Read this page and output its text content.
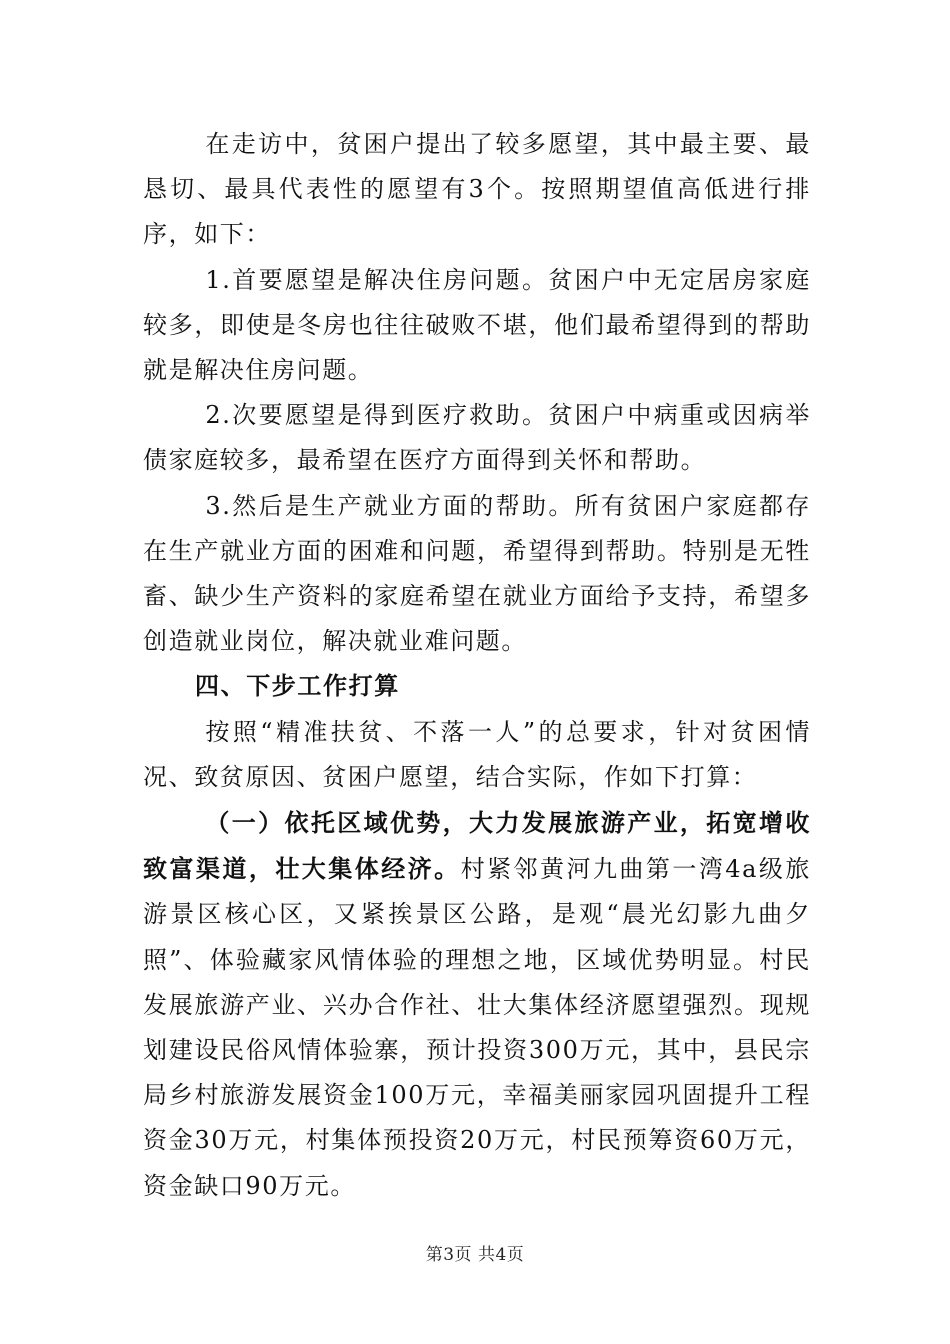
在走访中，贫困户提出了较多愿望，其中最主要、最恳切、最具代表性的愿望有3个。按照期望值高低进行排序，如下：

1.首要愿望是解决住房问题。贫困户中无定居房家庭较多，即使是冬房也往往破败不堪，他们最希望得到的帮助就是解决住房问题。

2.次要愿望是得到医疗救助。贫困户中病重或因病举债家庭较多，最希望在医疗方面得到关怀和帮助。

3.然后是生产就业方面的帮助。所有贫困户家庭都存在生产就业方面的困难和问题，希望得到帮助。特别是无牲畜、缺少生产资料的家庭希望在就业方面给予支持，希望多创造就业岗位，解决就业难问题。

四、下步工作打算

按照“精准扶贫、不落一人”的总要求，针对贫困情况、致贫原因、贫困户愿望，结合实际，作如下打算：

（一）依托区域优势，大力发展旅游产业，拓宽增收致富渠道，壮大集体经济。村紧邻黄河九曲第一湾4a级旅游景区核心区，又紧挨景区公路，是观“晨光幻影九曲夕照”、体验藏家风情体验的理想之地，区域优势明显。村民发展旅游产业、兴办合作社、壮大集体经济愿望强烈。现规划建设民俗风情体验寨，预计投资300万元，其中，县民宗局乡村旅游发展资金100万元，幸福美丽家园巩固提升工程资金30万元，村集体预投资20万元，村民预筹资60万元，资金缺口90万元。

第3页 共4页
